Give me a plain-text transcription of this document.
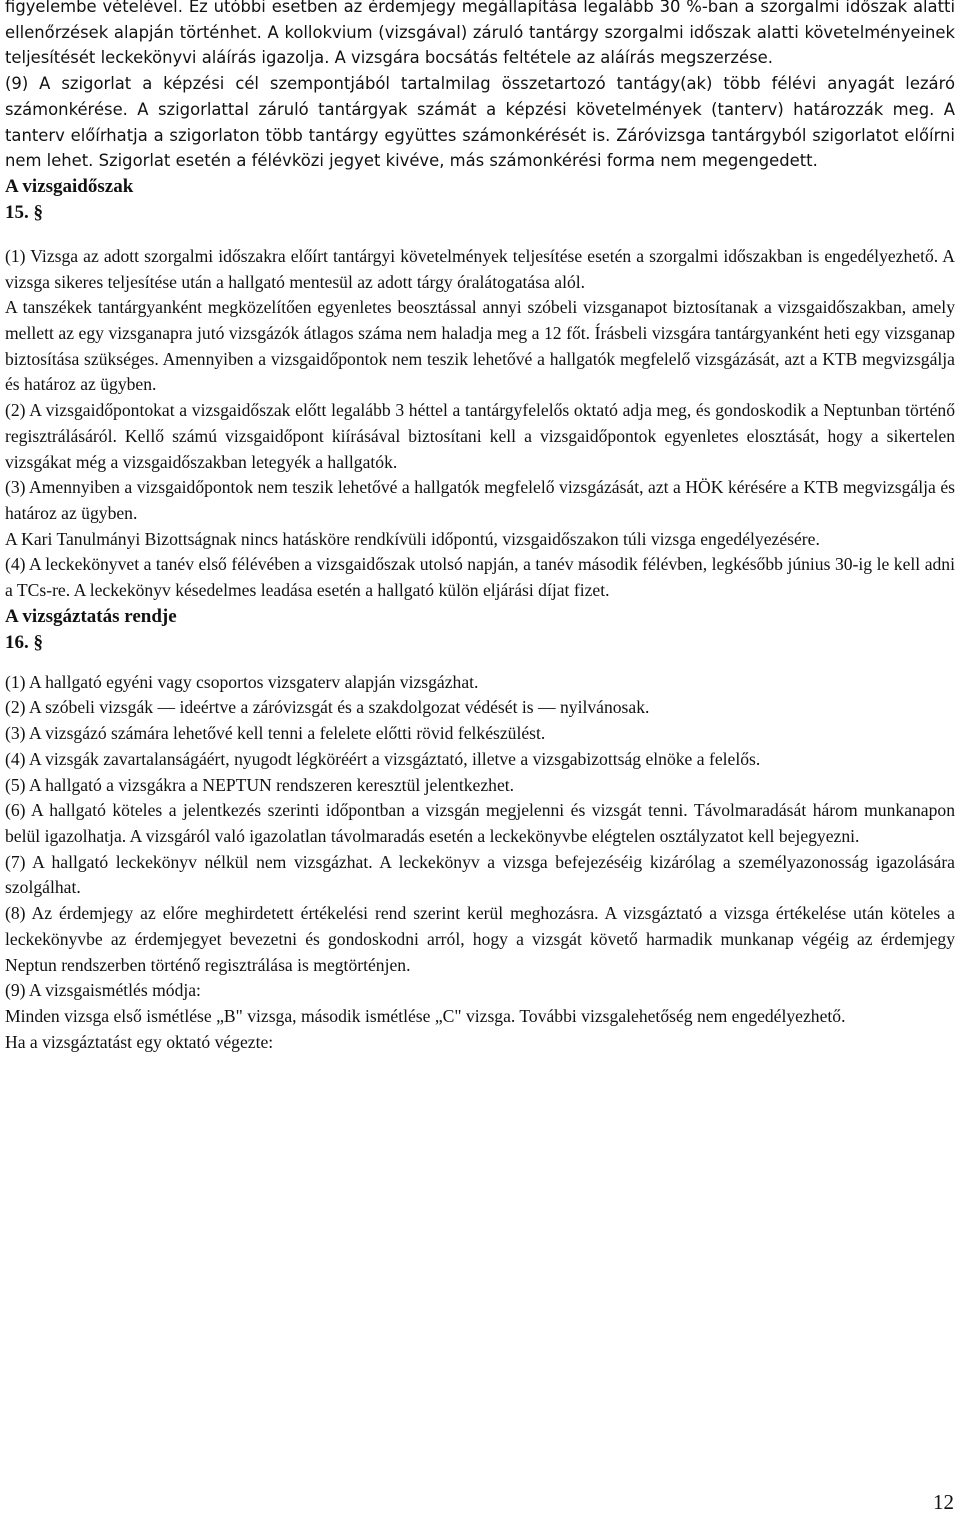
figyelembe vételével. Ez utóbbi esetben az érdemjegy megállapítása legalább 30 %-ban a szorgalmi időszak alatti ellenőrzések alapján történhet. A kollokvium (vizsgával) záruló tantárgy szorgalmi időszak alatti követelményeinek teljesítését leckekönyvi aláírás igazolja. A vizsgára bocsátás feltétele az aláírás megszerzése.

(9) A szigorlat a képzési cél szempontjából tartalmilag összetartozó tantágy(ak) több félévi anyagát lezáró számonkérése. A szigorlattal záruló tantárgyak számát a képzési követelmények (tanterv) határozzák meg. A tanterv előírhatja a szigorlaton több tantárgy együttes számonkérését is. Záróvizsga tantárgyból szigorlatot előírni nem lehet. Szigorlat esetén a félévközi jegyet kivéve, más számonkérési forma nem megengedett.

A vizsgaidőszak

15. §

(1) Vizsga az adott szorgalmi időszakra előírt tantárgyi követelmények teljesítése esetén a szorgalmi időszakban is engedélyezhető. A vizsga sikeres teljesítése után a hallgató mentesül az adott tárgy óralátogatása alól.

A tanszékek tantárgyanként megközelítően egyenletes beosztással annyi szóbeli vizsganapot biztosítanak a vizsgaidőszakban, amely mellett az egy vizsganapra jutó vizsgázók átlagos száma nem haladja meg a 12 főt. Írásbeli vizsgára tantárgyanként heti egy vizsganap biztosítása szükséges. Amennyiben a vizsgaidőpontok nem teszik lehetővé a hallgatók megfelelő vizsgázását, azt a KTB megvizsgálja és határoz az ügyben.

(2) A vizsgaidőpontokat a vizsgaidőszak előtt legalább 3 héttel a tantárgyfelelős oktató adja meg, és gondoskodik a Neptunban történő regisztrálásáról. Kellő számú vizsgaidőpont kiírásával biztosítani kell a vizsgaidőpontok egyenletes elosztását, hogy a sikertelen vizsgákat még a vizsgaidőszakban letegyék a hallgatók.

(3) Amennyiben a vizsgaidőpontok nem teszik lehetővé a hallgatók megfelelő vizsgázását, azt a HÖK kérésére a KTB megvizsgálja és határoz az ügyben.

A Kari Tanulmányi Bizottságnak nincs hatásköre rendkívüli időpontú, vizsgaidőszakon túli vizsga engedélyezésére.

(4) A leckekönyvet a tanév első félévében a vizsgaidőszak utolsó napján, a tanév második félévben, legkésőbb június 30-ig le kell adni a TCs-re. A leckekönyv késedelmes leadása esetén a hallgató külön eljárási díjat fizet.

A vizsgáztatás rendje

16. §

(1) A hallgató egyéni vagy csoportos vizsgaterv alapján vizsgázhat.

(2) A szóbeli vizsgák — ideértve a záróvizsgát és a szakdolgozat védését is — nyilvánosak.

(3) A vizsgázó számára lehetővé kell tenni a felelete előtti rövid felkészülést.

(4) A vizsgák zavartalanságáért, nyugodt légköréért a vizsgáztató, illetve a vizsgabizottság elnöke a felelős.

(5) A hallgató a vizsgákra a NEPTUN rendszeren keresztül jelentkezhet.

(6) A hallgató köteles a jelentkezés szerinti időpontban a vizsgán megjelenni és vizsgát tenni. Távolmaradását három munkanapon belül igazolhatja. A vizsgáról való igazolatlan távolmaradás esetén a leckekönyvbe elégtelen osztályzatot kell bejegyezni.

(7) A hallgató leckekönyv nélkül nem vizsgázhat. A leckekönyv a vizsga befejezéséig kizárólag a személyazonosság igazolására szolgálhat.

(8) Az érdemjegy az előre meghirdetett értékelési rend szerint kerül meghozásra. A vizsgáztató a vizsga értékelése után köteles a leckekönyvbe az érdemjegyet bevezetni és gondoskodni arról, hogy a vizsgát követő harmadik munkanap végéig az érdemjegy Neptun rendszerben történő regisztrálása is megtörténjen.

(9) A vizsgaismétlés módja:

Minden vizsga első ismétlése „B" vizsga, második ismétlése „C" vizsga. További vizsgalehetőség nem engedélyezhető.

Ha a vizsgáztatást egy oktató végezte:

12
